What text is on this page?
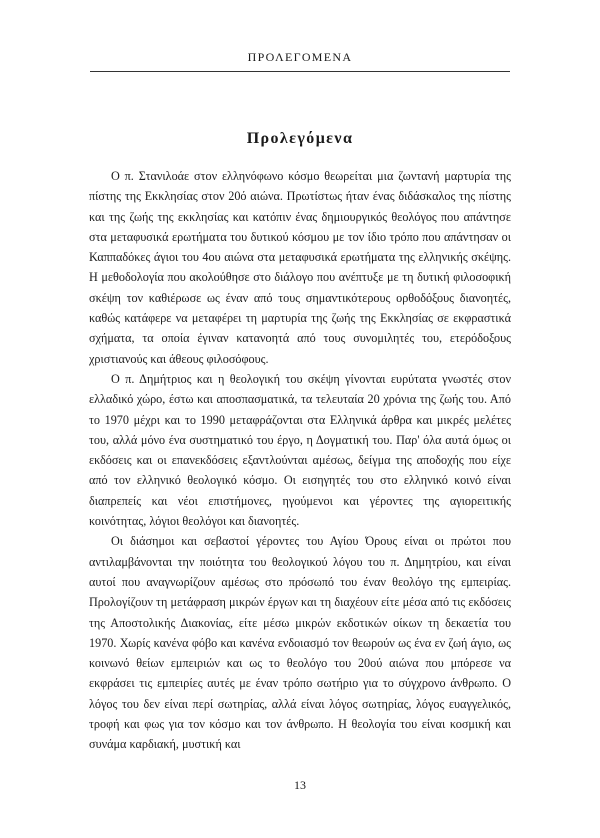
ΠΡΟΛΕΓΟΜΕΝΑ
Προλεγόμενα

Ο π. Στανιλοάε στον ελληνόφωνο κόσμο θεωρείται μια ζωντανή μαρτυρία της πίστης της Εκκλησίας στον 20ό αιώνα. Πρωτίστως ήταν ένας διδάσκαλος της πίστης και της ζωής της εκκλησίας και κατόπιν ένας δημιουργικός θεολόγος που απάντησε στα μεταφυσικά ερωτήματα του δυτικού κόσμου με τον ίδιο τρόπο που απάντησαν οι Καππαδόκες άγιοι του 4ου αιώνα στα μεταφυσικά ερωτήματα της ελληνικής σκέψης. Η μεθοδολογία που ακολούθησε στο διάλογο που ανέπτυξε με τη δυτική φιλοσοφική σκέψη τον καθιέρωσε ως έναν από τους σημαντικότερους ορθοδόξους διανοητές, καθώς κατάφερε να μεταφέρει τη μαρτυρία της ζωής της Εκκλησίας σε εκφραστικά σχήματα, τα οποία έγιναν κατανοητά από τους συνομιλητές του, ετερόδοξους χριστιανούς και άθεους φιλοσόφους.

Ο π. Δημήτριος και η θεολογική του σκέψη γίνονται ευρύτατα γνωστές στον ελλαδικό χώρο, έστω και αποσπασματικά, τα τελευταία 20 χρόνια της ζωής του. Από το 1970 μέχρι και το 1990 μεταφράζονται στα Ελληνικά άρθρα και μικρές μελέτες του, αλλά μόνο ένα συστηματικό του έργο, η Δογματική του. Παρ' όλα αυτά όμως οι εκδόσεις και οι επανεκδόσεις εξαντλούνται αμέσως, δείγμα της αποδοχής που είχε από τον ελληνικό θεολογικό κόσμο. Οι εισηγητές του στο ελληνικό κοινό είναι διαπρεπείς και νέοι επιστήμονες, ηγούμενοι και γέροντες της αγιορειτικής κοινότητας, λόγιοι θεολόγοι και διανοητές.

Οι διάσημοι και σεβαστοί γέροντες του Αγίου Όρους είναι οι πρώτοι που αντιλαμβάνονται την ποιότητα του θεολογικού λόγου του π. Δημητρίου, και είναι αυτοί που αναγνωρίζουν αμέσως στο πρόσωπό του έναν θεολόγο της εμπειρίας. Προλογίζουν τη μετάφραση μικρών έργων και τη διαχέουν είτε μέσα από τις εκδόσεις της Αποστολικής Διακονίας, είτε μέσω μικρών εκδοτικών οίκων τη δεκαετία του 1970. Χωρίς κανένα φόβο και κανένα ενδοιασμό τον θεωρούν ως ένα εν ζωή άγιο, ως κοινωνό θείων εμπειριών και ως το θεολόγο του 20ού αιώνα που μπόρεσε να εκφράσει τις εμπειρίες αυτές με έναν τρόπο σωτήριο για το σύγχρονο άνθρωπο. Ο λόγος του δεν είναι περί σωτηρίας, αλλά είναι λόγος σωτηρίας, λόγος ευαγγελικός, τροφή και φως για τον κόσμο και τον άνθρωπο. Η θεολογία του είναι κοσμική και συνάμα καρδιακή, μυστική και

13
